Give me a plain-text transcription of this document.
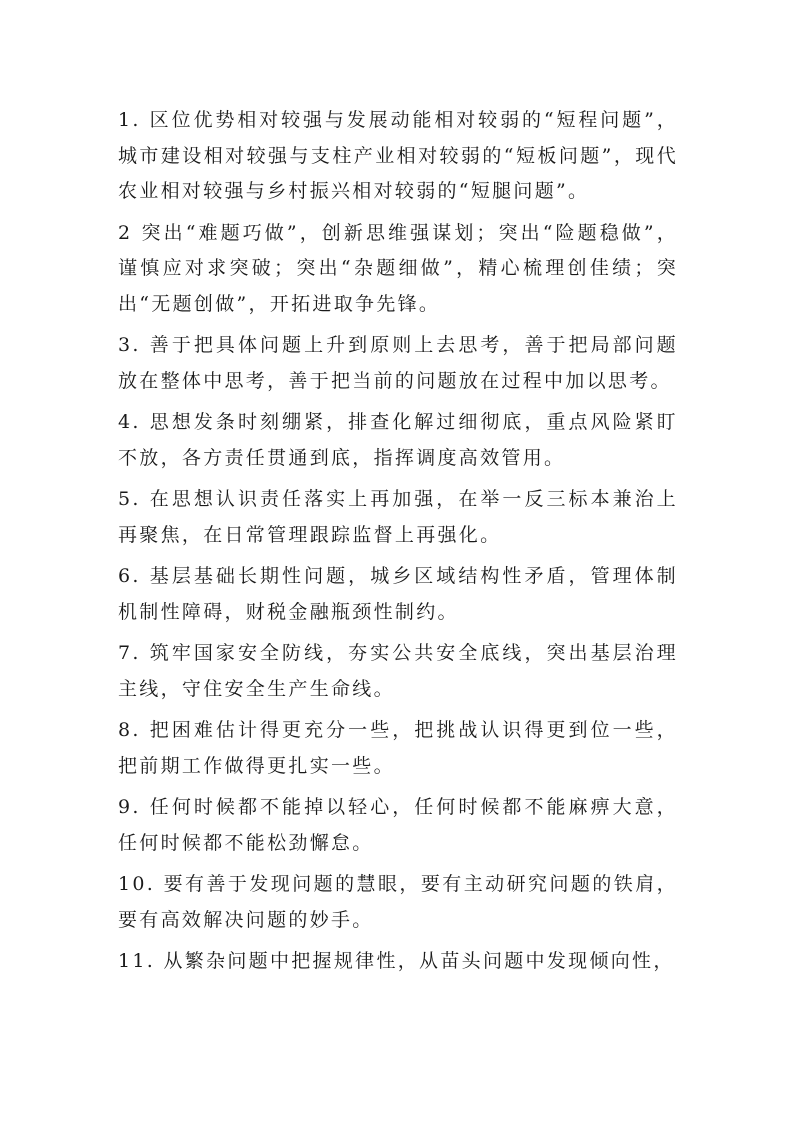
1. 区位优势相对较强与发展动能相对较弱的“短程问题”，城市建设相对较强与支柱产业相对较弱的“短板问题”，现代农业相对较强与乡村振兴相对较弱的“短腿问题”。

2 突出“难题巧做”，创新思维强谋划；突出“险题稳做”，谨慎应对求突破；突出“杂题细做”，精心梳理创佳绩；突出“无题创做”，开拓进取争先锋。

3. 善于把具体问题上升到原则上去思考，善于把局部问题放在整体中思考，善于把当前的问题放在过程中加以思考。

4. 思想发条时刻绷紧，排查化解过细彻底，重点风险紧盯不放，各方责任贯通到底，指挥调度高效管用。

5. 在思想认识责任落实上再加强，在举一反三标本兼治上再聚焦，在日常管理跟踪监督上再强化。

6. 基层基础长期性问题，城乡区域结构性矛盾，管理体制机制性障碍，财税金融瓶颈性制约。

7. 筑牢国家安全防线，夯实公共安全底线，突出基层治理主线，守住安全生产生命线。

8. 把困难估计得更充分一些，把挑战认识得更到位一些，把前期工作做得更扎实一些。

9. 任何时候都不能掉以轻心，任何时候都不能麻痹大意，任何时候都不能松劲懈怠。

10. 要有善于发现问题的慧眼，要有主动研究问题的铁肩，要有高效解决问题的妙手。

11. 从繁杂问题中把握规律性，从苗头问题中发现倾向性，
